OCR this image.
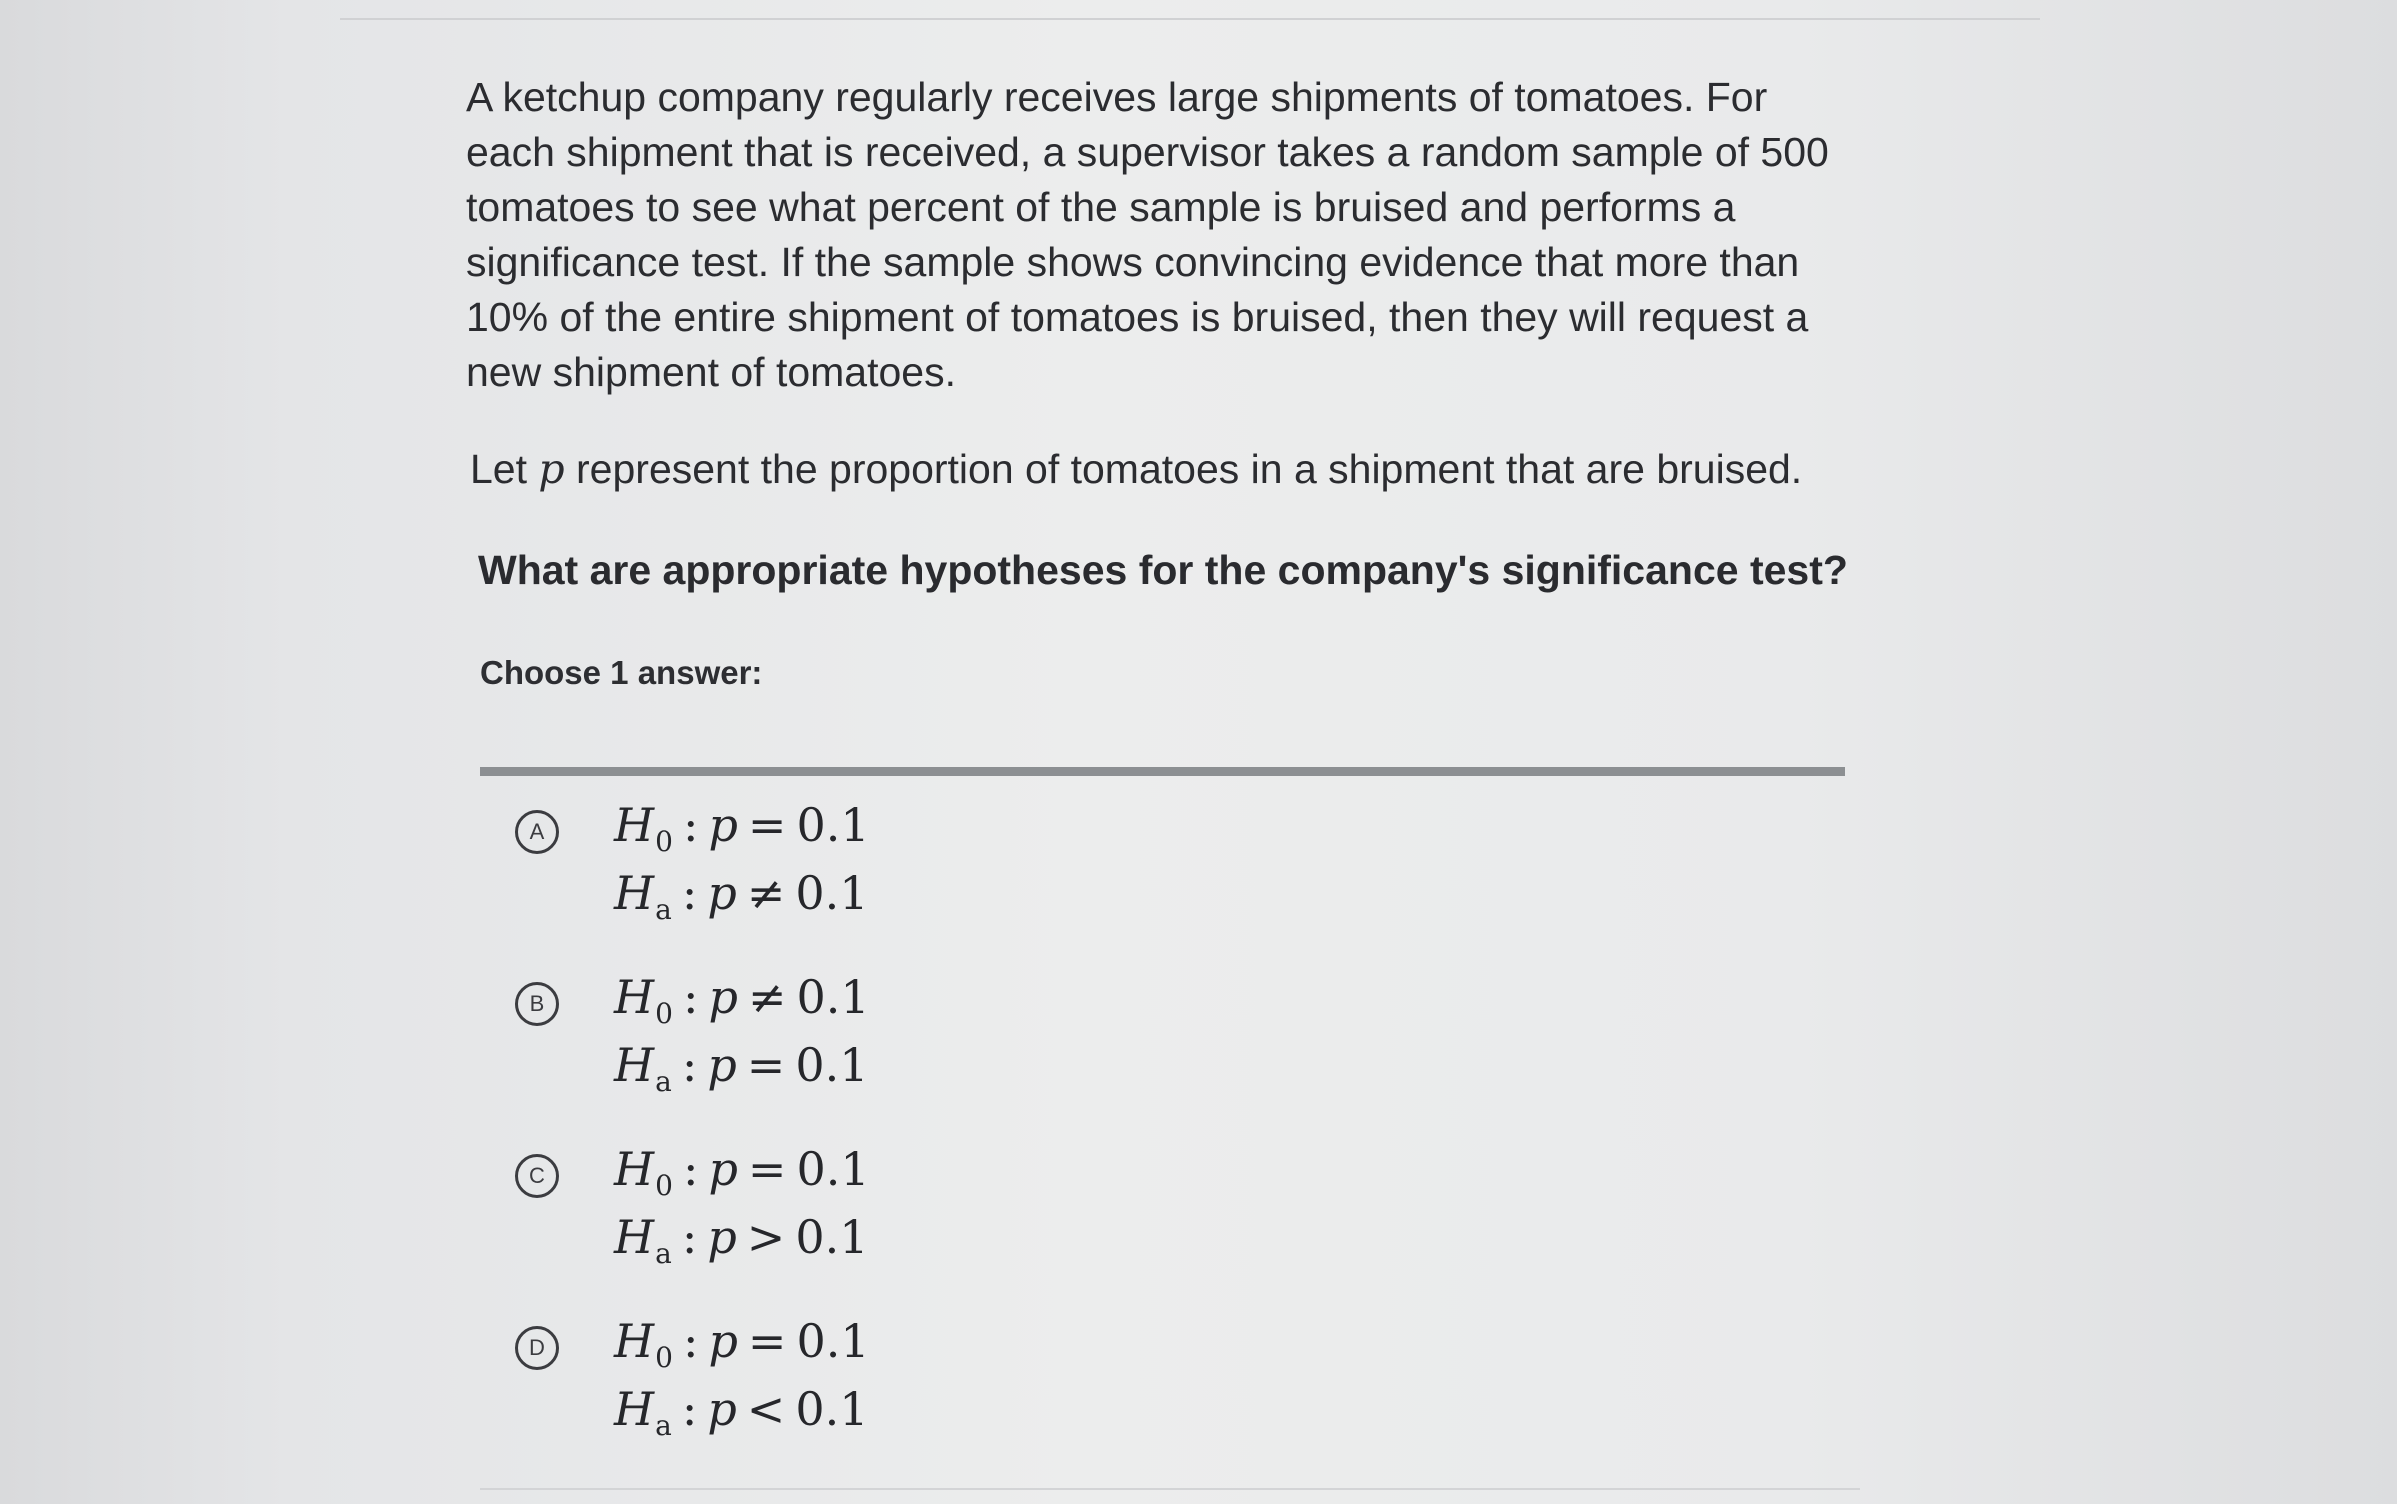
A ketchup company regularly receives large shipments of tomatoes. For
each shipment that is received, a supervisor takes a random sample of 500
tomatoes to see what percent of the sample is bruised and performs a
significance test. If the sample shows convincing evidence that more than
10% of the entire shipment of tomatoes is bruised, then they will request a
new shipment of tomatoes.

Let p represent the proportion of tomatoes in a shipment that are bruised.

What are appropriate hypotheses for the company's significance test?

Choose 1 answer:
A	$H_0$ : p = 0.1
$H_a$ : p ≠ 0.1
B	$H_0$ : p ≠ 0.1
$H_a$ : p = 0.1
C	$H_0$ : p = 0.1
$H_a$ : p > 0.1
D	$H_0$ : p = 0.1
$H_a$ : p < 0.1
